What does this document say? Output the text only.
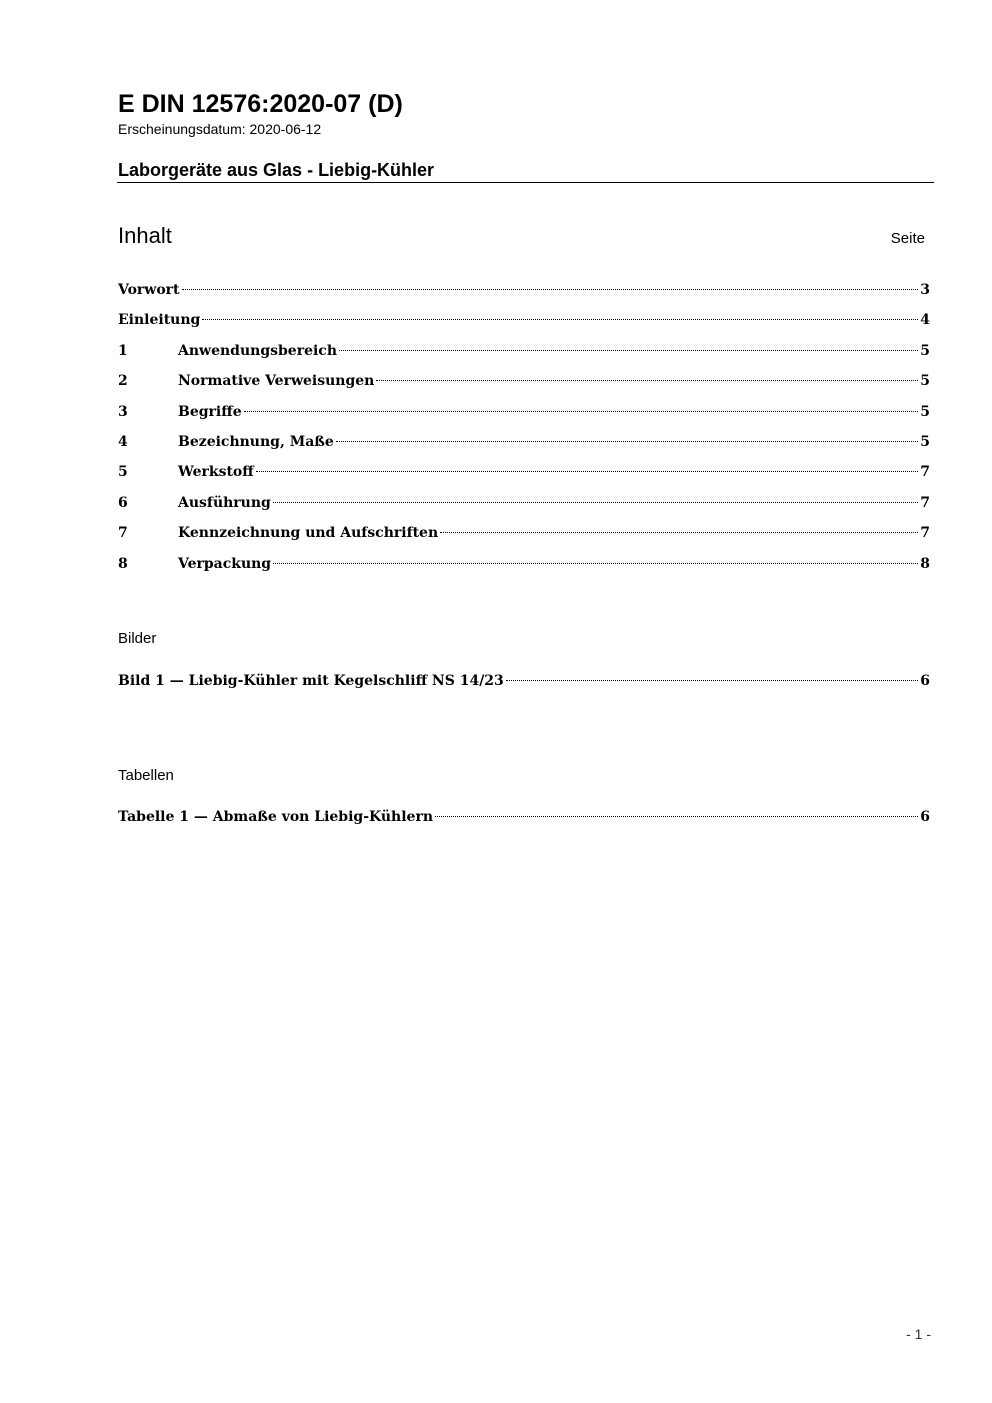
E DIN 12576:2020-07 (D)
Erscheinungsdatum: 2020-06-12
Laborgeräte aus Glas - Liebig-Kühler
Inhalt	Seite
Vorwort	3
Einleitung	4
1	Anwendungsbereich	5
2	Normative Verweisungen	5
3	Begriffe	5
4	Bezeichnung, Maße	5
5	Werkstoff	7
6	Ausführung	7
7	Kennzeichnung und Aufschriften	7
8	Verpackung	8
Bilder
Bild 1 — Liebig-Kühler mit Kegelschliff NS 14/23	6
Tabellen
Tabelle 1 — Abmaße von Liebig-Kühlern	6
- 1 -
